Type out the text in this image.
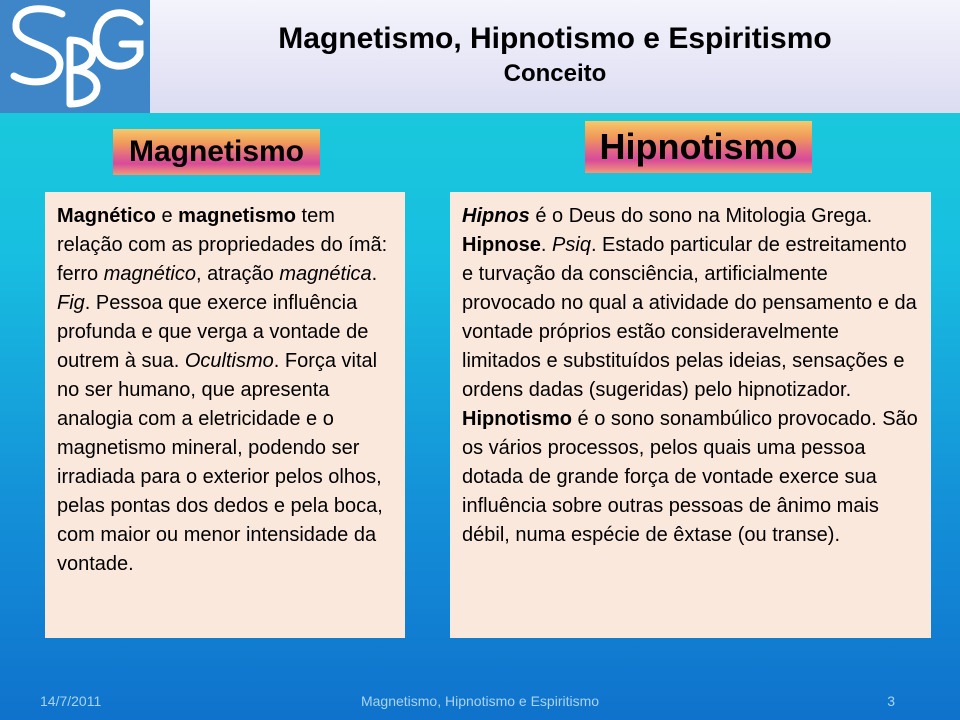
Magnetismo, Hipnotismo e Espiritismo
Conceito
Magnetismo	Hipnotismo
Magnético e magnetismo tem relação com as propriedades do ímã: ferro magnético, atração magnética. Fig. Pessoa que exerce influência profunda e que verga a vontade de outrem à sua. Ocultismo. Força vital no ser humano, que apresenta analogia com a eletricidade e o magnetismo mineral, podendo ser irradiada para o exterior pelos olhos, pelas pontas dos dedos e pela boca, com maior ou menor intensidade da vontade.
Hipnos é o Deus do sono na Mitologia Grega. Hipnose. Psiq. Estado particular de estreitamento e turvação da consciência, artificialmente provocado no qual a atividade do pensamento e da vontade próprios estão consideravelmente limitados e substituídos pelas ideias, sensações e ordens dadas (sugeridas) pelo hipnotizador. Hipnotismo é o sono sonambúlico provocado. São os vários processos, pelos quais uma pessoa dotada de grande força de vontade exerce sua influência sobre outras pessoas de ânimo mais débil, numa espécie de êxtase (ou transe).
14/7/2011	Magnetismo, Hipnotismo e Espiritismo	3
